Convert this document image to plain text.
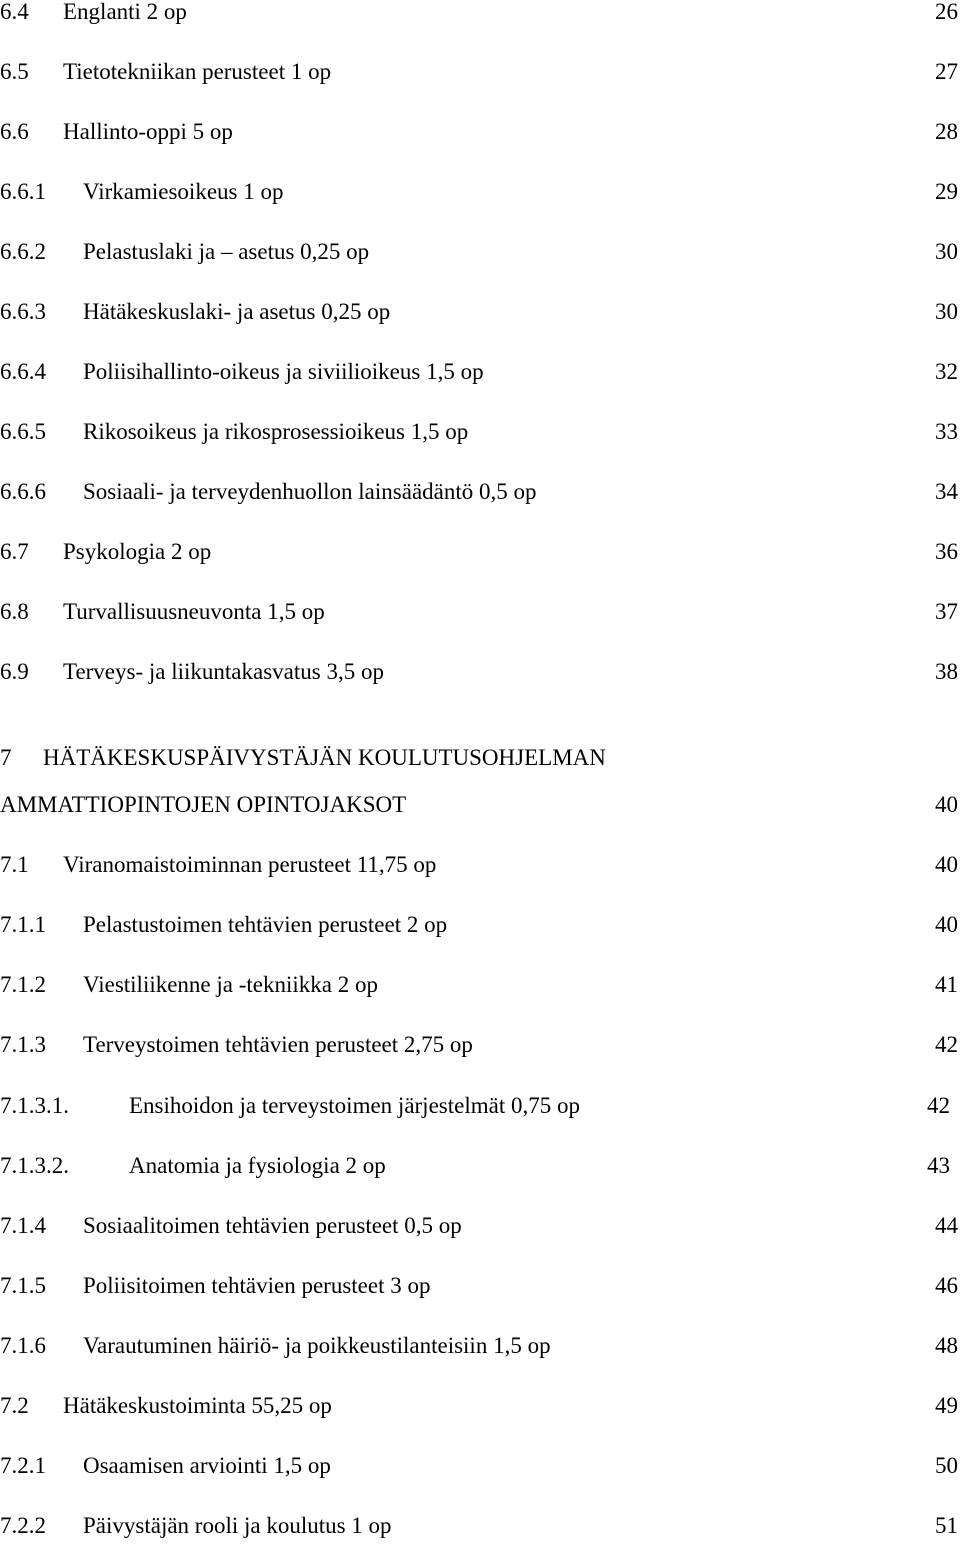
6.4 Englanti 2 op	26
6.5 Tietotekniikan perusteet 1 op	27
6.6 Hallinto-oppi 5 op	28
6.6.1 Virkamiesoikeus 1 op	29
6.6.2 Pelastuslaki ja – asetus 0,25 op	30
6.6.3 Hätäkeskuslaki- ja asetus 0,25 op	30
6.6.4 Poliisihallinto-oikeus ja siviilioikeus 1,5 op	32
6.6.5 Rikosoikeus ja rikosprosessioikeus 1,5 op	33
6.6.6 Sosiaali- ja terveydenhuollon lainsäädäntö 0,5 op	34
6.7 Psykologia 2 op	36
6.8 Turvallisuusneuvonta 1,5 op	37
6.9 Terveys- ja liikuntakasvatus 3,5 op	38
7 HÄTÄKESKUSPÄIVYSTÄJÄN KOULUTUSOHJELMAN
AMMATTIOPINTOJEN OPINTOJAKSOT	40
7.1 Viranomaistoiminnan perusteet 11,75 op	40
7.1.1 Pelastustoimen tehtävien perusteet 2 op	40
7.1.2 Viestiliikenne ja -tekniikka 2 op	41
7.1.3 Terveystoimen tehtävien perusteet 2,75 op	42
7.1.3.1.	Ensihoidon ja terveystoimen järjestelmät 0,75 op	42
7.1.3.2.	Anatomia ja fysiologia 2 op	43
7.1.4 Sosiaalitoimen tehtävien perusteet 0,5 op	44
7.1.5 Poliisitoimen tehtävien perusteet 3 op	46
7.1.6 Varautuminen häiriö- ja poikkeustilanteisiin 1,5 op	48
7.2 Hätäkeskustoiminta 55,25 op	49
7.2.1 Osaamisen arviointi 1,5 op	50
7.2.2 Päivystäjän rooli ja koulutus 1 op	51
